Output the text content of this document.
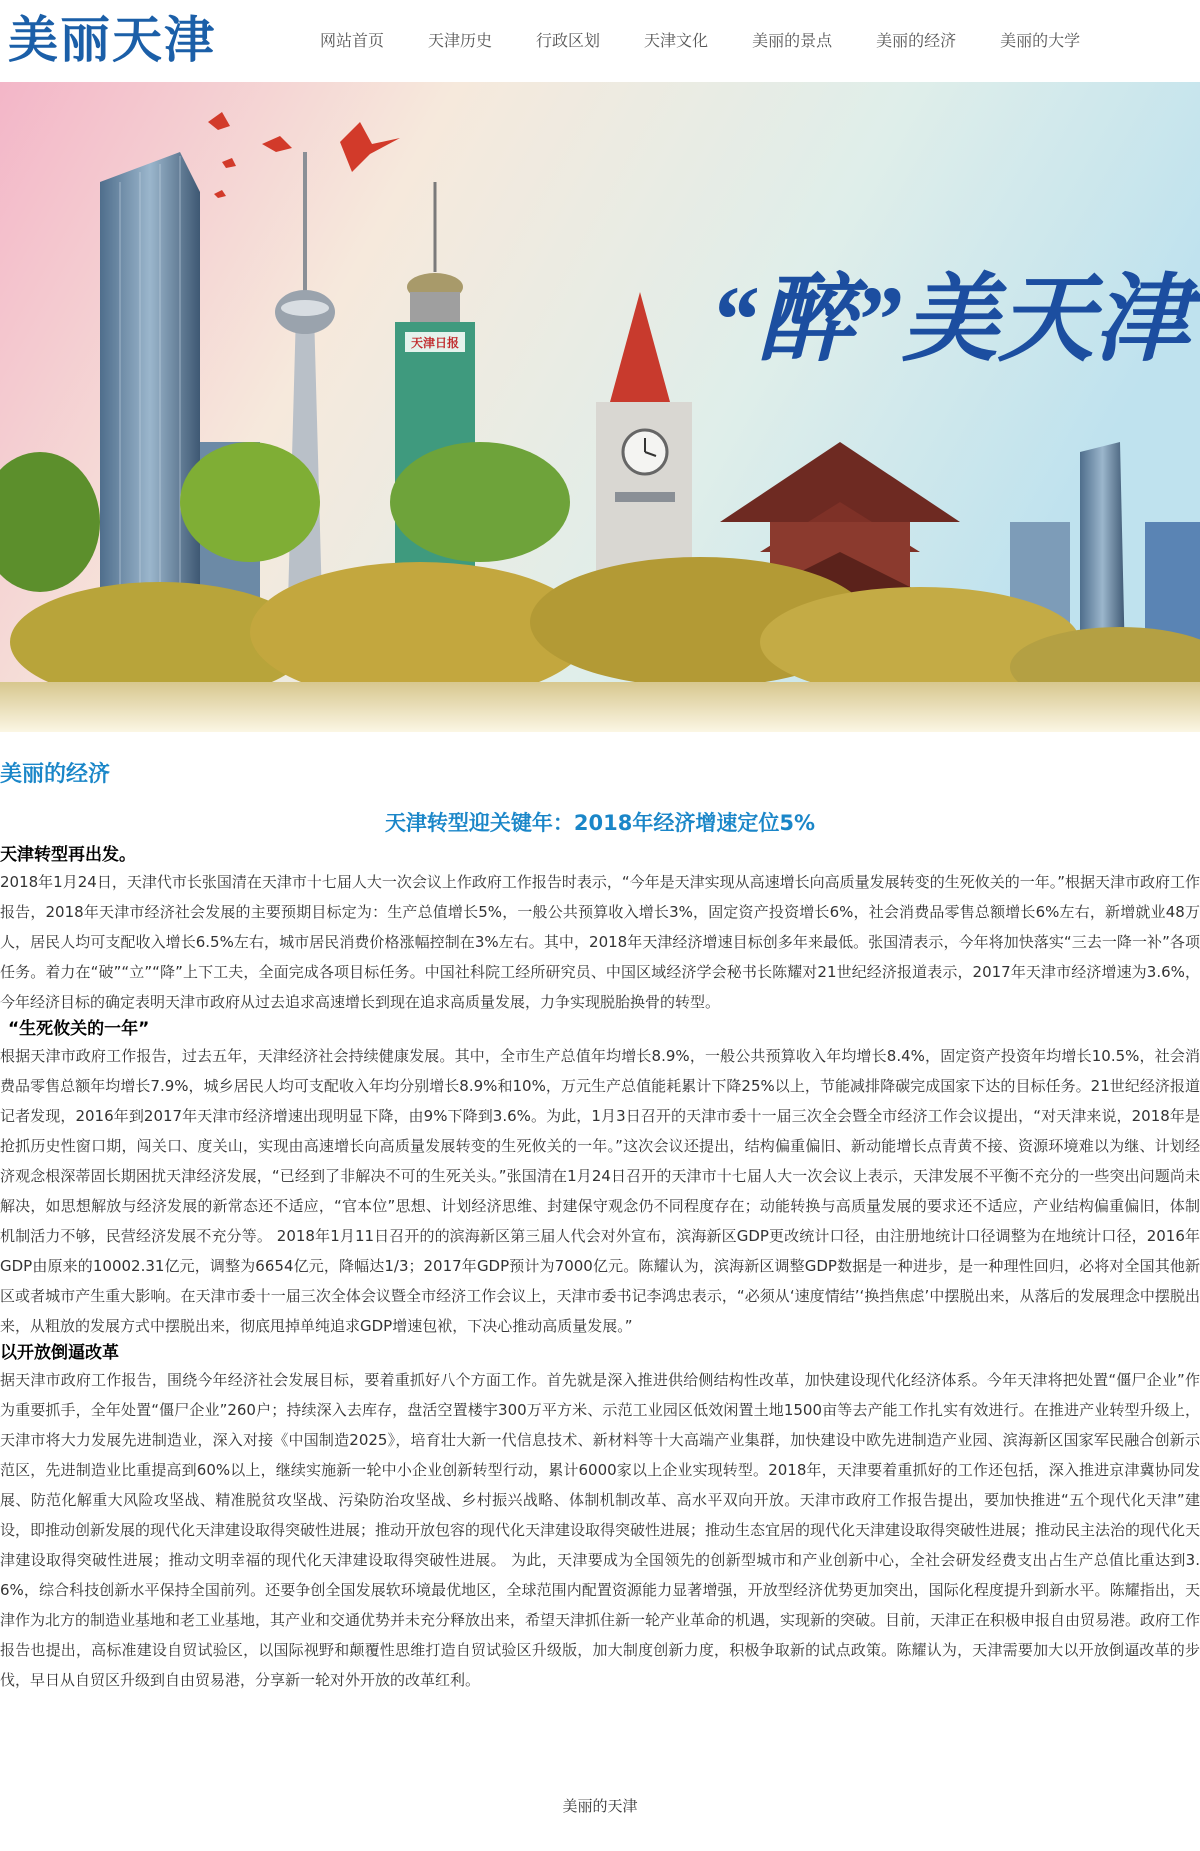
美丽天津	网站首页	天津历史	行政区划	天津文化	美丽的景点	美丽的经济	美丽的大学
天津日报	“醉”美天津
美丽的经济
天津转型迎关键年：2018年经济增速定位5%

天津转型再出发。

2018年1月24日，天津代市长张国清在天津市十七届人大一次会议上作政府工作报告时表示，“今年是天津实现从高速增长向高质量发展转变的生死攸关的一年。”根据天津市政府工作报告，2018年天津市经济社会发展的主要预期目标定为：生产总值增长5%，一般公共预算收入增长3%，固定资产投资增长6%，社会消费品零售总额增长6%左右，新增就业48万人，居民人均可支配收入增长6.5%左右，城市居民消费价格涨幅控制在3%左右。其中，2018年天津经济增速目标创多年来最低。张国清表示，今年将加快落实“三去一降一补”各项任务。着力在“破”“立”“降”上下工夫，全面完成各项目标任务。中国社科院工经所研究员、中国区域经济学会秘书长陈耀对21世纪经济报道表示，2017年天津市经济增速为3.6%，今年经济目标的确定表明天津市政府从过去追求高速增长到现在追求高质量发展，力争实现脱胎换骨的转型。

“生死攸关的一年”

根据天津市政府工作报告，过去五年，天津经济社会持续健康发展。其中，全市生产总值年均增长8.9%，一般公共预算收入年均增长8.4%，固定资产投资年均增长10.5%，社会消费品零售总额年均增长7.9%，城乡居民人均可支配收入年均分别增长8.9%和10%，万元生产总值能耗累计下降25%以上，节能减排降碳完成国家下达的目标任务。21世纪经济报道记者发现，2016年到2017年天津市经济增速出现明显下降，由9%下降到3.6%。为此，1月3日召开的天津市委十一届三次全会暨全市经济工作会议提出，“对天津来说，2018年是抢抓历史性窗口期，闯关口、度关山，实现由高速增长向高质量发展转变的生死攸关的一年。”这次会议还提出，结构偏重偏旧、新动能增长点青黄不接、资源环境难以为继、计划经济观念根深蒂固长期困扰天津经济发展，“已经到了非解决不可的生死关头。”张国清在1月24日召开的天津市十七届人大一次会议上表示，天津发展不平衡不充分的一些突出问题尚未解决，如思想解放与经济发展的新常态还不适应，“官本位”思想、计划经济思维、封建保守观念仍不同程度存在；动能转换与高质量发展的要求还不适应，产业结构偏重偏旧，体制机制活力不够，民营经济发展不充分等。 2018年1月11日召开的的滨海新区第三届人代会对外宣布，滨海新区GDP更改统计口径，由注册地统计口径调整为在地统计口径，2016年GDP由原来的10002.31亿元，调整为6654亿元，降幅达1/3；2017年GDP预计为7000亿元。陈耀认为，滨海新区调整GDP数据是一种进步，是一种理性回归，必将对全国其他新区或者城市产生重大影响。在天津市委十一届三次全体会议暨全市经济工作会议上，天津市委书记李鸿忠表示，“必须从‘速度情结’‘换挡焦虑’中摆脱出来，从落后的发展理念中摆脱出来，从粗放的发展方式中摆脱出来，彻底甩掉单纯追求GDP增速包袱，下决心推动高质量发展。”

以开放倒逼改革

据天津市政府工作报告，围绕今年经济社会发展目标，要着重抓好八个方面工作。首先就是深入推进供给侧结构性改革，加快建设现代化经济体系。今年天津将把处置“僵尸企业”作为重要抓手，全年处置“僵尸企业”260户；持续深入去库存，盘活空置楼宇300万平方米、示范工业园区低效闲置土地1500亩等去产能工作扎实有效进行。在推进产业转型升级上，天津市将大力发展先进制造业，深入对接《中国制造2025》，培育壮大新一代信息技术、新材料等十大高端产业集群，加快建设中欧先进制造产业园、滨海新区国家军民融合创新示范区，先进制造业比重提高到60%以上，继续实施新一轮中小企业创新转型行动，累计6000家以上企业实现转型。2018年，天津要着重抓好的工作还包括，深入推进京津冀协同发展、防范化解重大风险攻坚战、精准脱贫攻坚战、污染防治攻坚战、乡村振兴战略、体制机制改革、高水平双向开放。天津市政府工作报告提出，要加快推进“五个现代化天津”建设，即推动创新发展的现代化天津建设取得突破性进展；推动开放包容的现代化天津建设取得突破性进展；推动生态宜居的现代化天津建设取得突破性进展；推动民主法治的现代化天津建设取得突破性进展；推动文明幸福的现代化天津建设取得突破性进展。 为此，天津要成为全国领先的创新型城市和产业创新中心，全社会研发经费支出占生产总值比重达到3.6%，综合科技创新水平保持全国前列。还要争创全国发展软环境最优地区，全球范围内配置资源能力显著增强，开放型经济优势更加突出，国际化程度提升到新水平。陈耀指出，天津作为北方的制造业基地和老工业基地，其产业和交通优势并未充分释放出来，希望天津抓住新一轮产业革命的机遇，实现新的突破。目前，天津正在积极申报自由贸易港。政府工作报告也提出，高标准建设自贸试验区，以国际视野和颠覆性思维打造自贸试验区升级版，加大制度创新力度，积极争取新的试点政策。陈耀认为，天津需要加大以开放倒逼改革的步伐，早日从自贸区升级到自由贸易港，分享新一轮对外开放的改革红利。

美丽的天津
